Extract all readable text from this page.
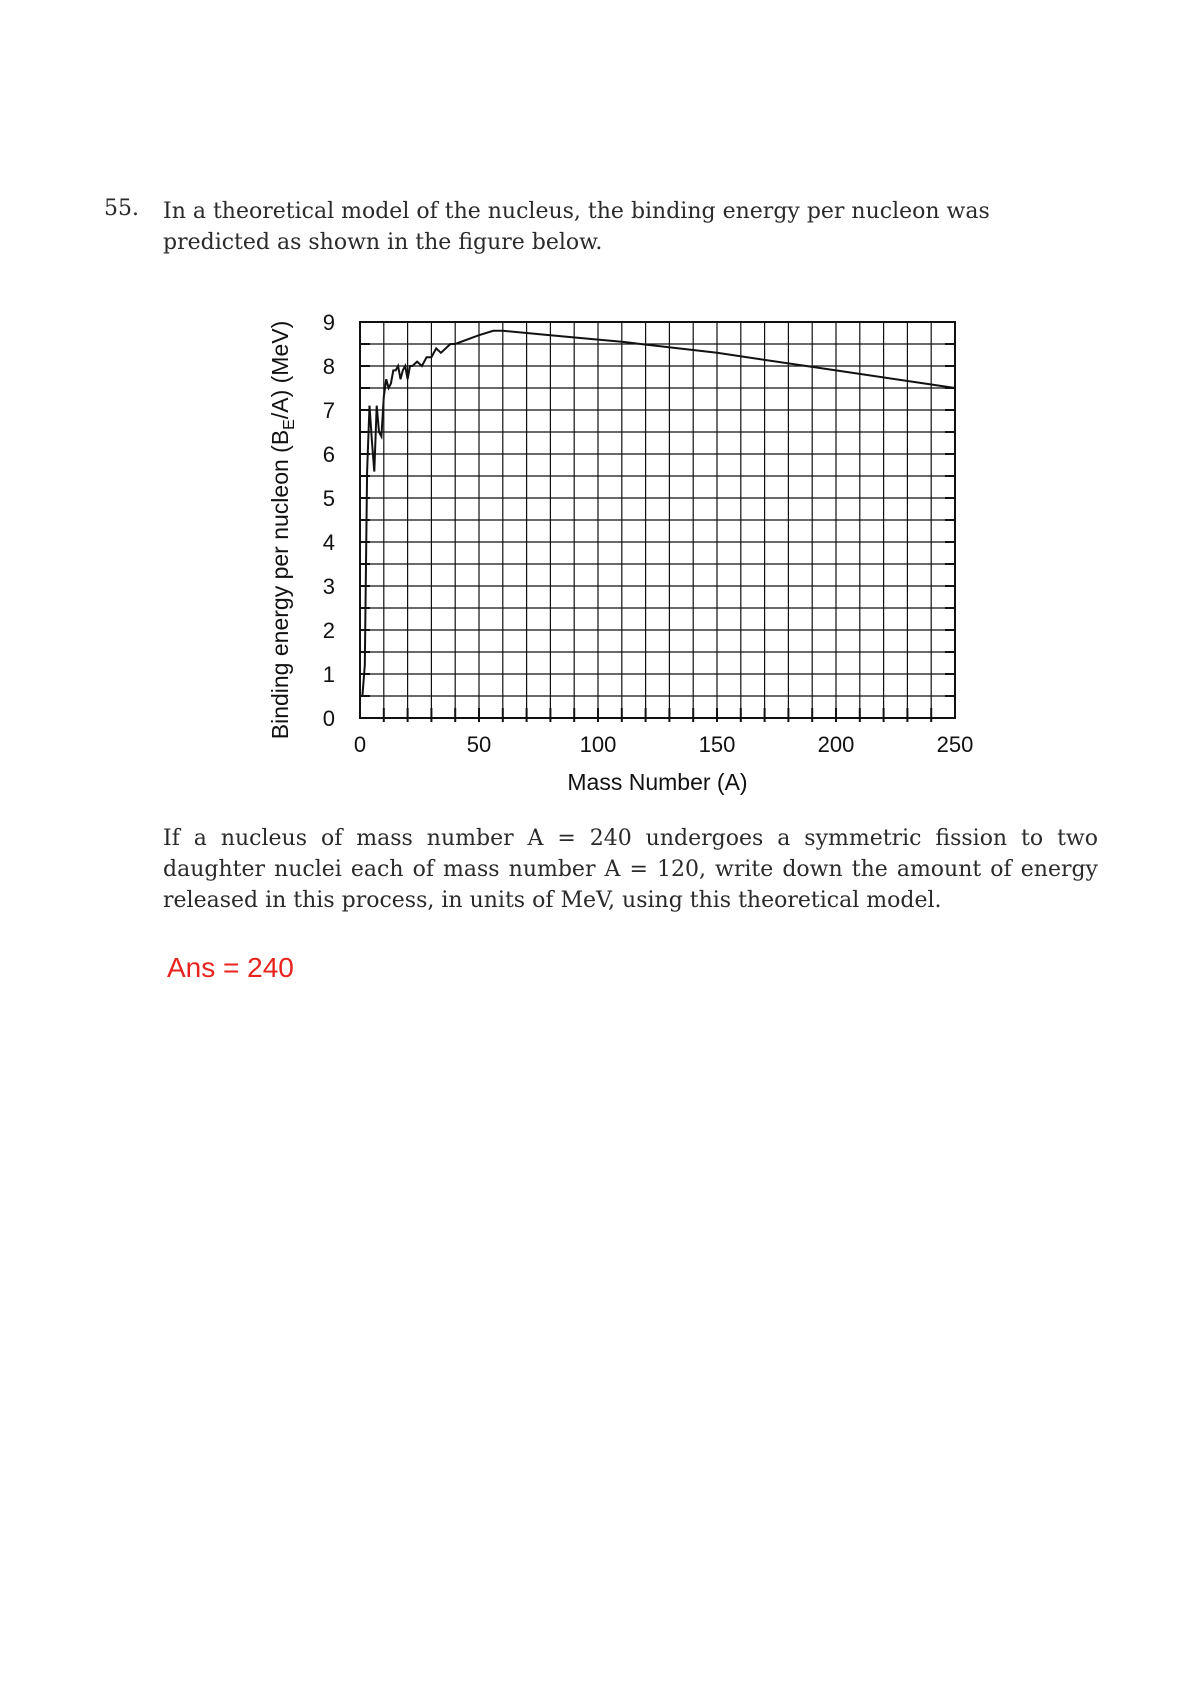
55. In a theoretical model of the nucleus, the binding energy per nucleon was predicted as shown in the figure below.
0	50	100	150	200	250
0
1
2
3
4
5
6
7
8
9
Mass Number (A)
Binding energy per nucleon $(B_E/A)$ (MeV)
If a nucleus of mass number A = 240 undergoes a symmetric fission to two daughter nuclei each of mass number A = 120, write down the amount of energy released in this process, in units of MeV, using this theoretical model.
Ans = 240
